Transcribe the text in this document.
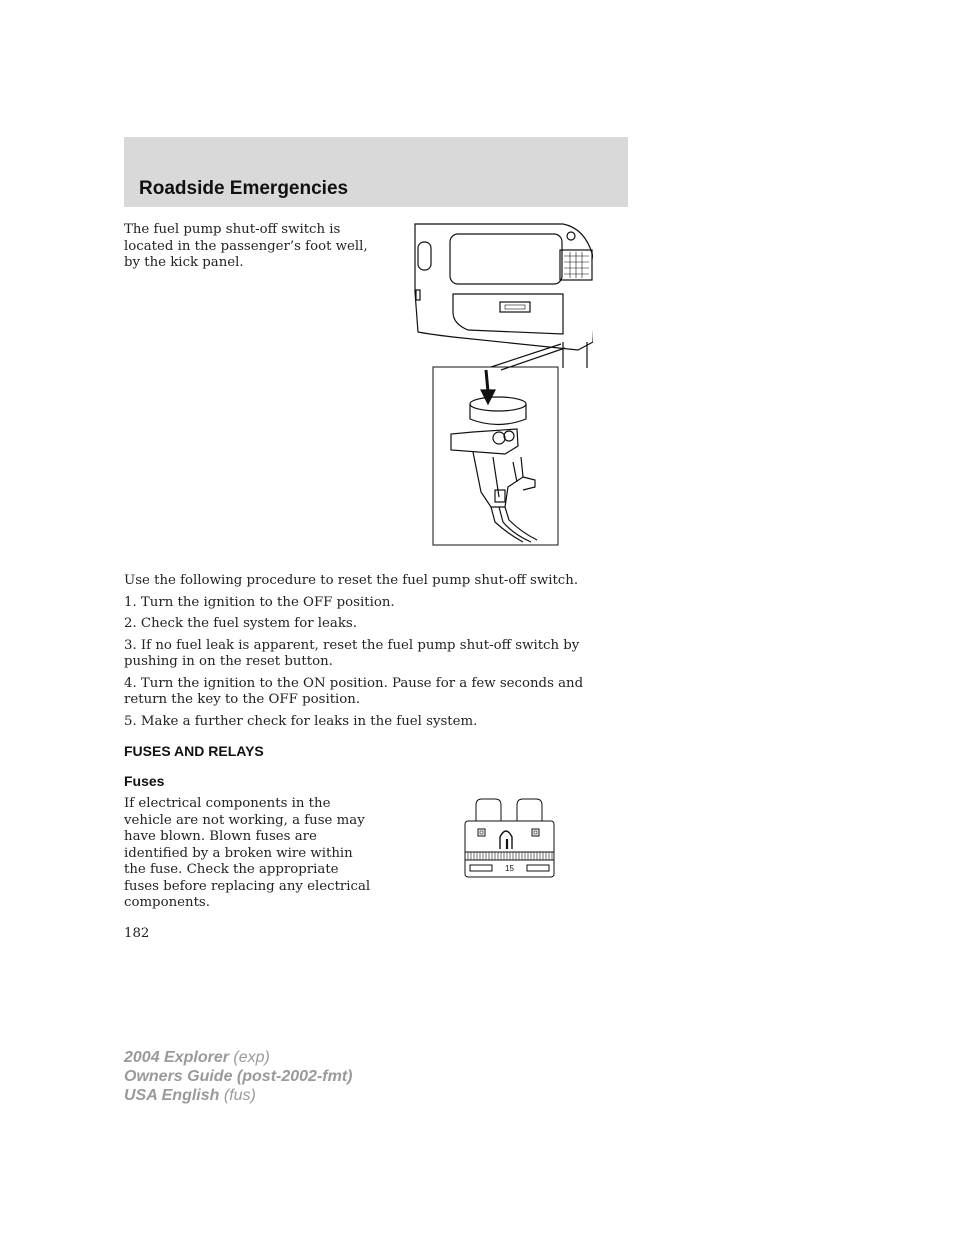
Roadside Emergencies

The fuel pump shut-off switch is located in the passenger’s foot well, by the kick panel.

Use the following procedure to reset the fuel pump shut-off switch.

1. Turn the ignition to the OFF position.

2. Check the fuel system for leaks.

3. If no fuel leak is apparent, reset the fuel pump shut-off switch by pushing in on the reset button.

4. Turn the ignition to the ON position. Pause for a few seconds and return the key to the OFF position.

5. Make a further check for leaks in the fuel system.

FUSES AND RELAYS
Fuses

If electrical components in the vehicle are not working, a fuse may have blown. Blown fuses are identified by a broken wire within the fuse. Check the appropriate fuses before replacing any electrical components.

15

182

2004 Explorer (exp)
Owners Guide (post-2002-fmt)
USA English (fus)
